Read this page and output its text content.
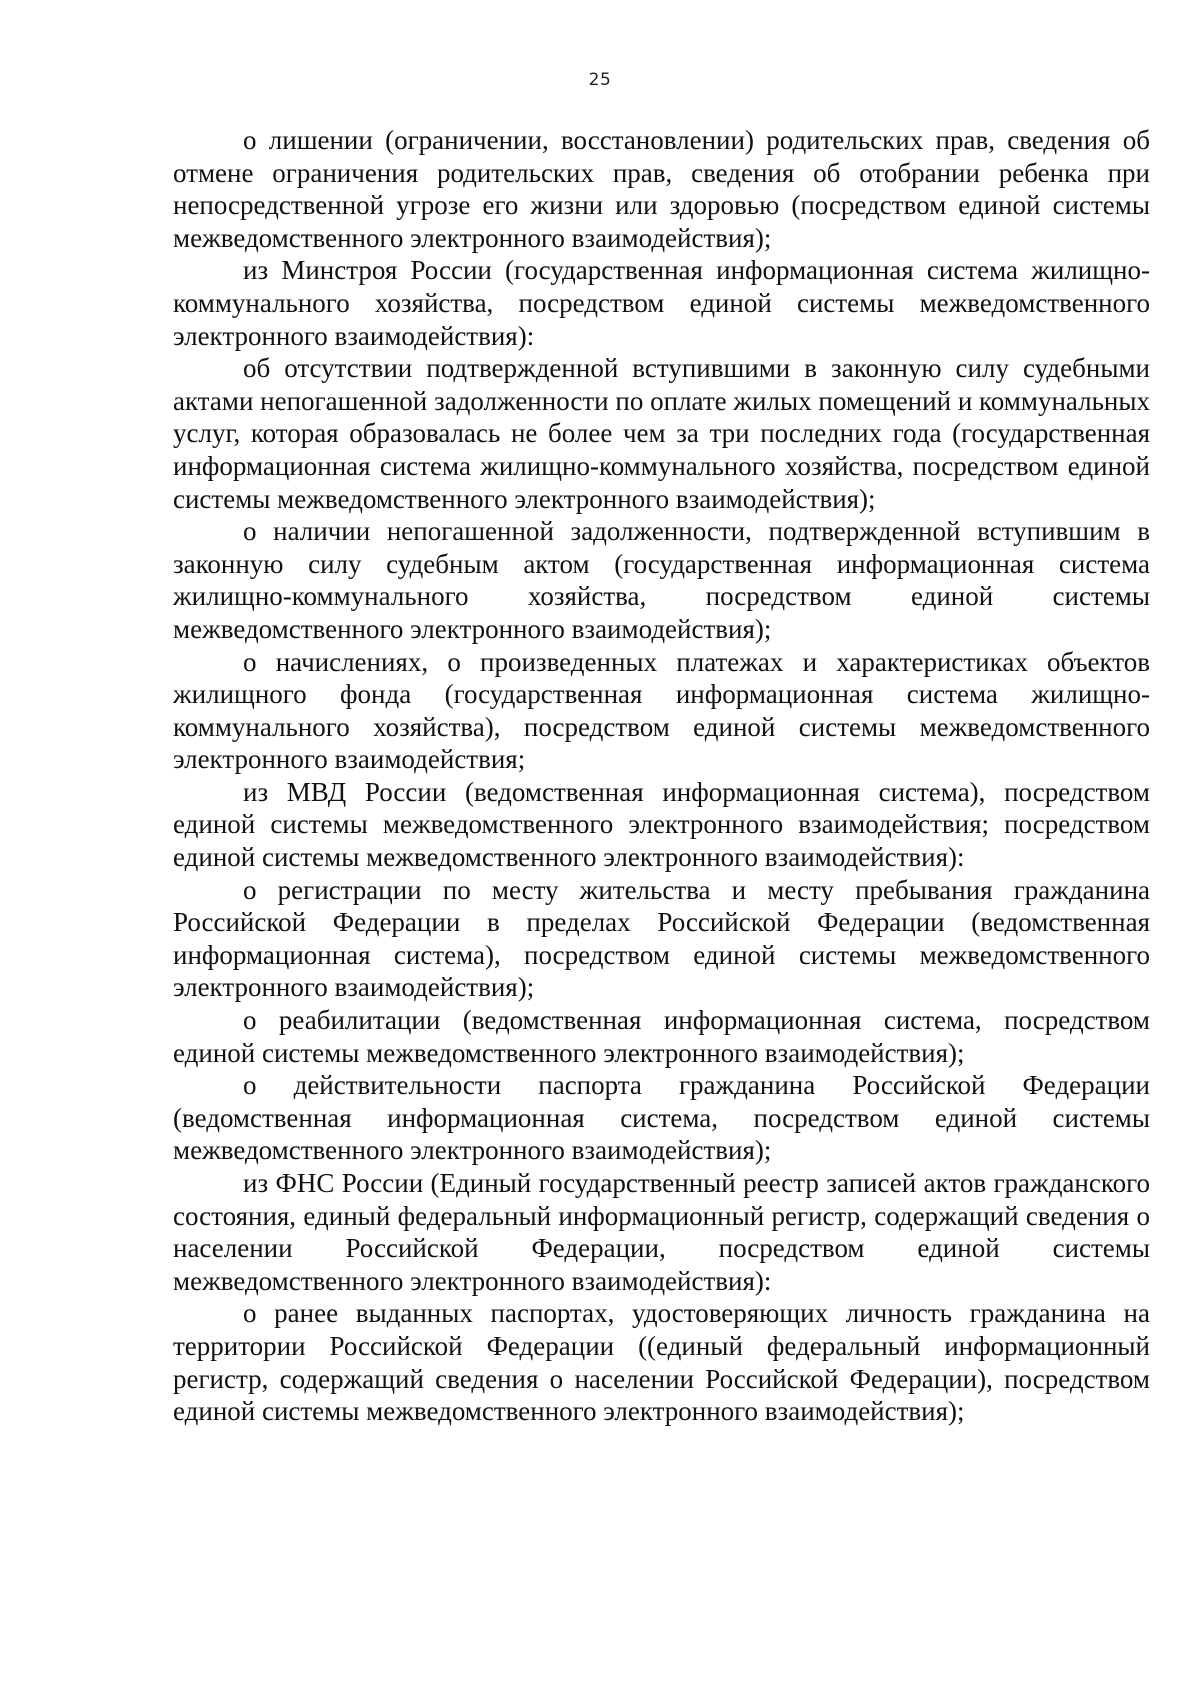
25

о лишении (ограничении, восстановлении) родительских прав, сведения об отмене ограничения родительских прав, сведения об отобрании ребенка при непосредственной угрозе его жизни или здоровью (посредством единой системы межведомственного электронного взаимодействия);

из Минстроя России (государственная информационная система жилищно-коммунального хозяйства, посредством единой системы межведомственного электронного взаимодействия):

об отсутствии подтвержденной вступившими в законную силу судебными актами непогашенной задолженности по оплате жилых помещений и коммунальных услуг, которая образовалась не более чем за три последних года (государственная информационная система жилищно-коммунального хозяйства, посредством единой системы межведомственного электронного взаимодействия);

о наличии непогашенной задолженности, подтвержденной вступившим в законную силу судебным актом (государственная информационная система жилищно-коммунального хозяйства, посредством единой системы межведомственного электронного взаимодействия);

о начислениях, о произведенных платежах и характеристиках объектов жилищного фонда (государственная информационная система жилищно-коммунального хозяйства), посредством единой системы межведомственного электронного взаимодействия;

из МВД России (ведомственная информационная система), посредством единой системы межведомственного электронного взаимодействия; посредством единой системы межведомственного электронного взаимодействия):

о регистрации по месту жительства и месту пребывания гражданина Российской Федерации в пределах Российской Федерации (ведомственная информационная система), посредством единой системы межведомственного электронного взаимодействия);

о реабилитации (ведомственная информационная система, посредством единой системы межведомственного электронного взаимодействия);

о действительности паспорта гражданина Российской Федерации (ведомственная информационная система, посредством единой системы межведомственного электронного взаимодействия);

из ФНС России (Единый государственный реестр записей актов гражданского состояния, единый федеральный информационный регистр, содержащий сведения о населении Российской Федерации, посредством единой системы межведомственного электронного взаимодействия):

о ранее выданных паспортах, удостоверяющих личность гражданина на территории Российской Федерации ((единый федеральный информационный регистр, содержащий сведения о населении Российской Федерации), посредством единой системы межведомственного электронного взаимодействия);
